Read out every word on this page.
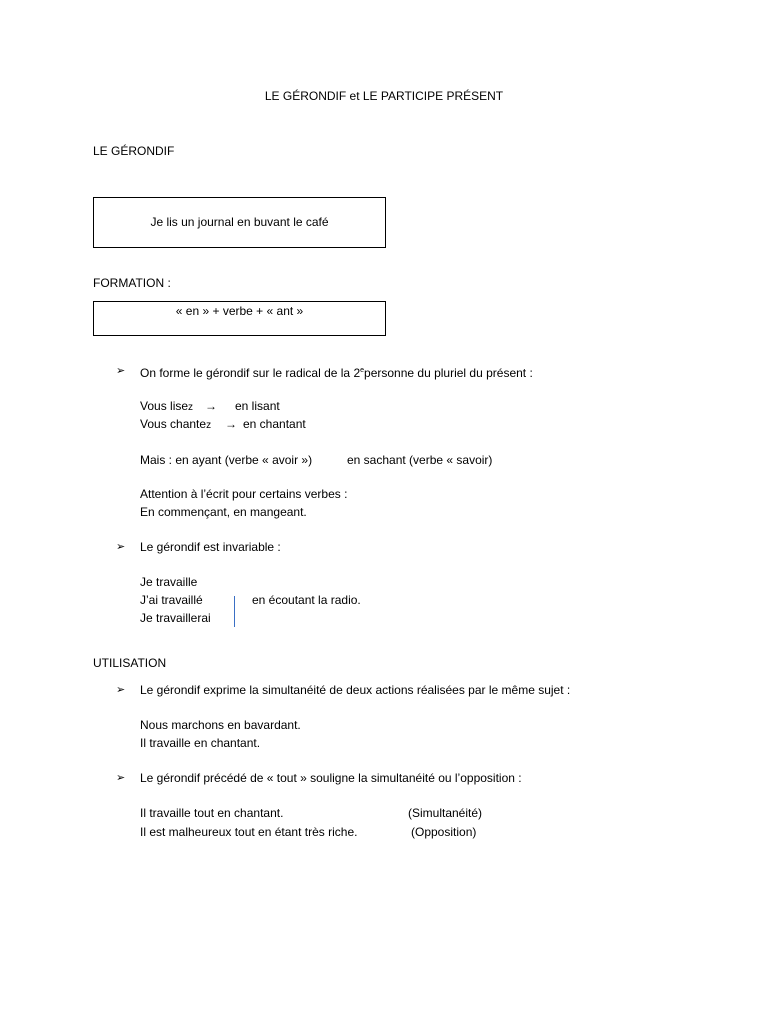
LE GÉRONDIF et LE PARTICIPE PRÉSENT
LE GÉRONDIF
Je lis un journal en buvant le café
FORMATION :
« en » + verbe + « ant »
➢ On forme le gérondif sur le radical de la 2epersonne du pluriel du présent :
Vous lisez → en lisant
Vous chantez → en chantant
Mais : en ayant (verbe « avoir »)	en sachant (verbe « savoir)
Attention à l’écrit pour certains verbes :
En commençant, en mangeant.
➢ Le gérondif est invariable :
Je travaille
J’ai travaillé
Je travaillerai
en écoutant la radio.
UTILISATION
➢ Le gérondif exprime la simultanéité de deux actions réalisées par le même sujet :
Nous marchons en bavardant.
Il travaille en chantant.
➢ Le gérondif précédé de « tout » souligne la simultanéité ou l’opposition :
Il travaille tout en chantant.	(Simultanéité)
Il est malheureux tout en étant très riche.	(Opposition)
